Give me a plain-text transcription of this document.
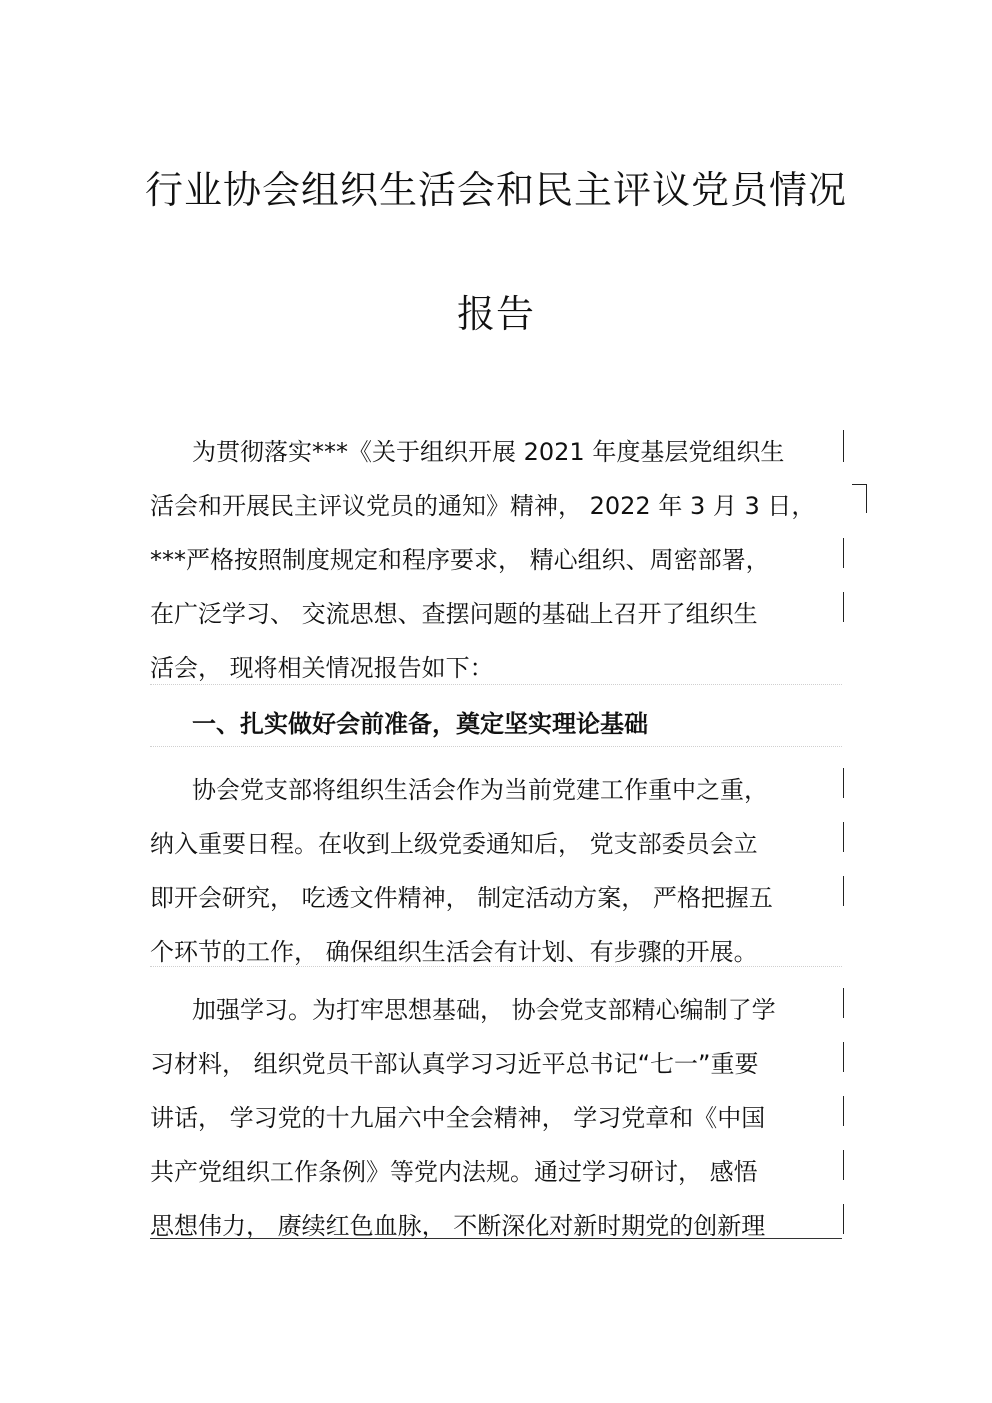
行业协会组织生活会和民主评议党员情况
报告
为贯彻落实***《关于组织开展 2021 年度基层党组织生
活会和开展民主评议党员的通知》精神， 2022 年 3 月 3 日，
***严格按照制度规定和程序要求， 精心组织、周密部署，
在广泛学习、 交流思想、查摆问题的基础上召开了组织生
活会， 现将相关情况报告如下：
一、扎实做好会前准备，奠定坚实理论基础
协会党支部将组织生活会作为当前党建工作重中之重，
纳入重要日程。在收到上级党委通知后， 党支部委员会立
即开会研究， 吃透文件精神， 制定活动方案， 严格把握五
个环节的工作， 确保组织生活会有计划、有步骤的开展。
加强学习。为打牢思想基础， 协会党支部精心编制了学
习材料， 组织党员干部认真学习习近平总书记“七一”重要
讲话， 学习党的十九届六中全会精神， 学习党章和《中国
共产党组织工作条例》等党内法规。通过学习研讨， 感悟
思想伟力， 赓续红色血脉， 不断深化对新时期党的创新理
